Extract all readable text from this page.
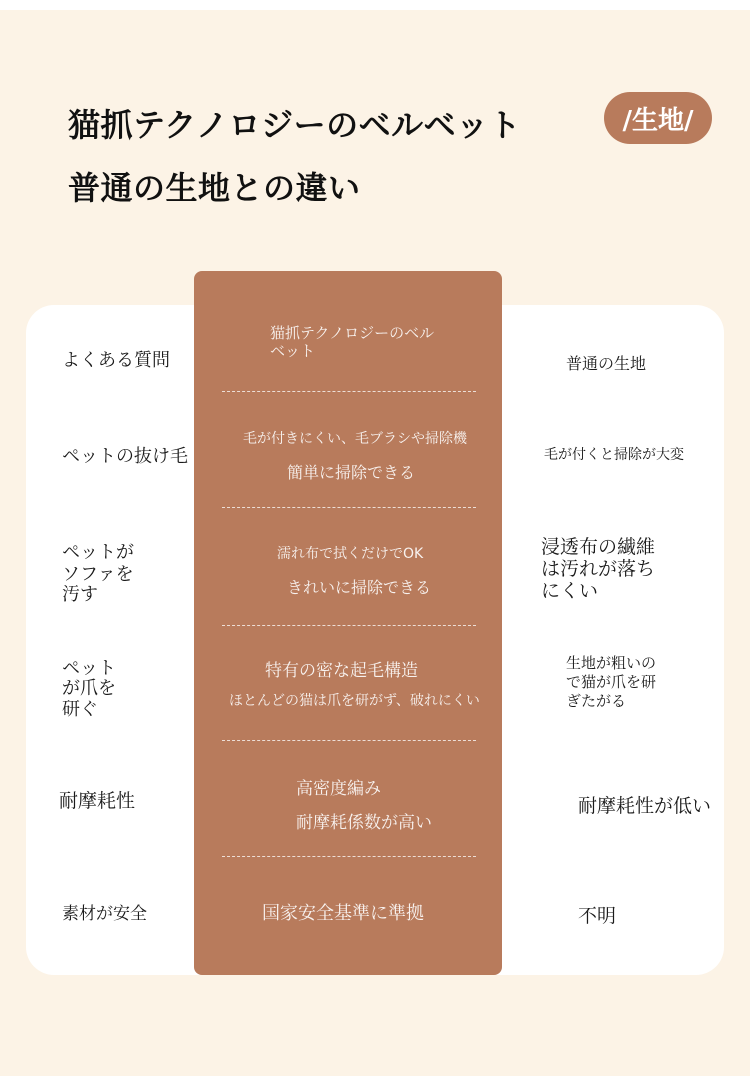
猫抓テクノロジーのベルベット
普通の生地との違い
/生地/
よくある質問
猫抓テクノロジーのベル
ベット
普通の生地
ペットの抜け毛
毛が付きにくい、毛ブラシや掃除機
簡単に掃除できる
毛が付くと掃除が大変
ペットが
ソファを
汚す
濡れ布で拭くだけでOK
きれいに掃除できる
浸透布の繊維
は汚れが落ち
にくい
ペット
が爪を
研ぐ
特有の密な起毛構造
ほとんどの猫は爪を研がず、破れにくい
生地が粗いの
で猫が爪を研
ぎたがる
耐摩耗性
高密度編み
耐摩耗係数が高い
耐摩耗性が低い
素材が安全	国家安全基準に準拠	不明
